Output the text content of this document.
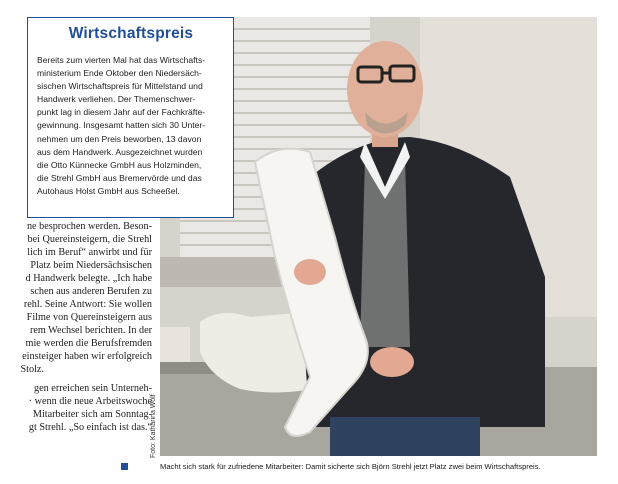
ne besprochen werden. Beson-
bei Quereinsteigern, die Strehl
lich im Beruf“ anwirbt und für
Platz beim Niedersächsischen
d Handwerk belegte. „Ich habe
schen aus anderen Berufen zu
rehl. Seine Antwort: Sie wollen
Filme von Quereinsteigern aus
rem Wechsel berichten. In der
mie werden die Berufsfremden
einsteiger haben wir erfolgreich
Stolz.
gen erreichen sein Unterneh-
· wenn die neue Arbeitswoche
Mitarbeiter sich am Sonntag-
gt Strehl. „So einfach ist das.“
Foto: Katharina Wolf
Macht sich stark für zufriedene Mitarbeiter: Damit sicherte sich Björn Strehl jetzt Platz zwei beim Wirtschaftspreis.
Wirtschaftspreis
Bereits zum vierten Mal hat das Wirtschafts-
ministerium Ende Oktober den Niedersäch-
sischen Wirtschaftspreis für Mittelstand und
Handwerk verliehen. Der Themenschwer-
punkt lag in diesem Jahr auf der Fachkräfte-
gewinnung. Insgesamt hatten sich 30 Unter-
nehmen um den Preis beworben, 13 davon
aus dem Handwerk. Ausgezeichnet wurden
die Otto Künnecke GmbH aus Holzminden,
die Strehl GmbH aus Bremervörde und das
Autohaus Holst GmbH aus Scheeßel.
